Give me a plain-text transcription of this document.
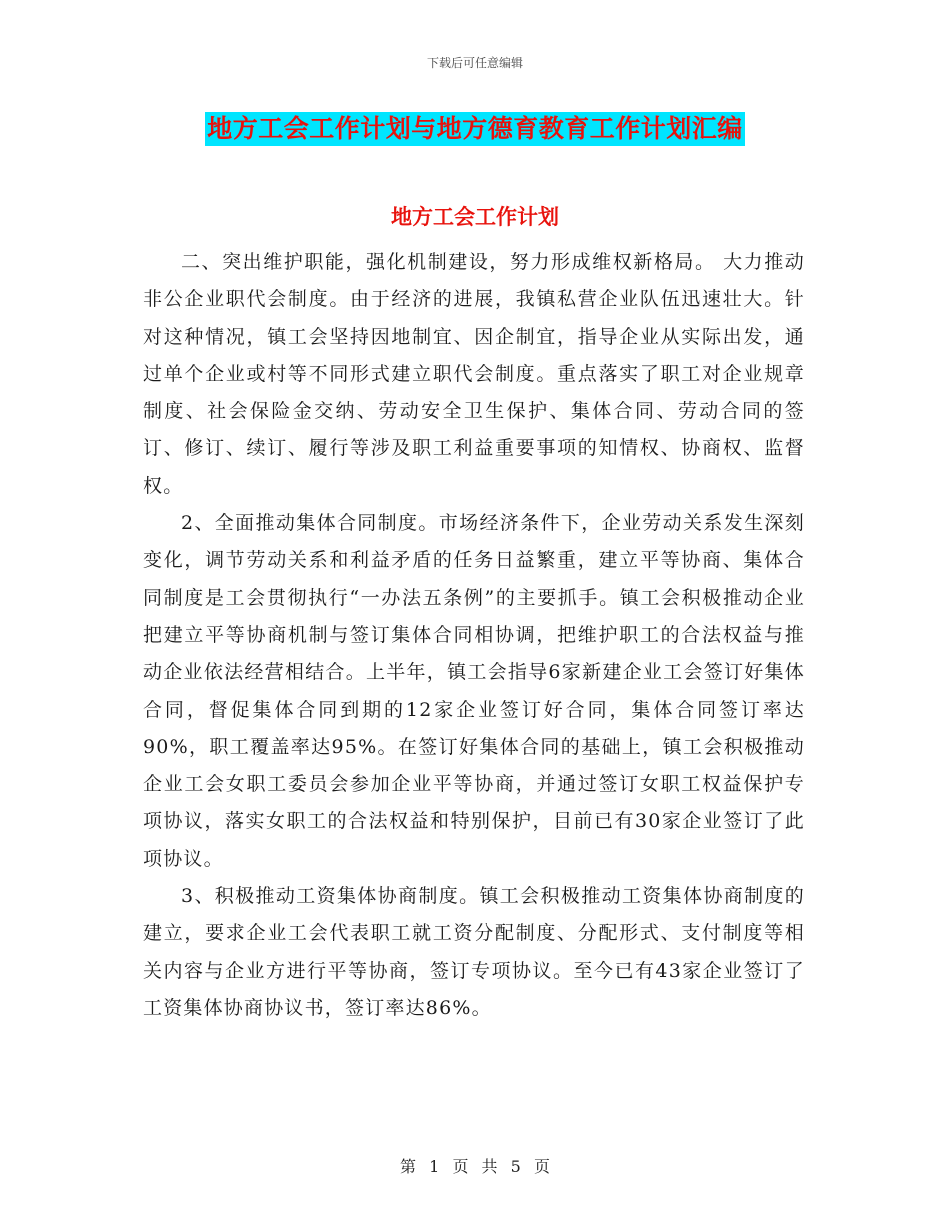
下载后可任意编辑
地方工会工作计划与地方德育教育工作计划汇编
地方工会工作计划

二、突出维护职能，强化机制建设，努力形成维权新格局。 大力推动非公企业职代会制度。由于经济的进展，我镇私营企业队伍迅速壮大。针对这种情况，镇工会坚持因地制宜、因企制宜，指导企业从实际出发，通过单个企业或村等不同形式建立职代会制度。重点落实了职工对企业规章制度、社会保险金交纳、劳动安全卫生保护、集体合同、劳动合同的签订、修订、续订、履行等涉及职工利益重要事项的知情权、协商权、监督权。

2、全面推动集体合同制度。市场经济条件下，企业劳动关系发生深刻变化，调节劳动关系和利益矛盾的任务日益繁重，建立平等协商、集体合同制度是工会贯彻执行“一办法五条例”的主要抓手。镇工会积极推动企业把建立平等协商机制与签订集体合同相协调，把维护职工的合法权益与推动企业依法经营相结合。上半年，镇工会指导6家新建企业工会签订好集体合同，督促集体合同到期的12家企业签订好合同，集体合同签订率达90%，职工覆盖率达95%。在签订好集体合同的基础上，镇工会积极推动企业工会女职工委员会参加企业平等协商，并通过签订女职工权益保护专项协议，落实女职工的合法权益和特别保护，目前已有30家企业签订了此项协议。

3、积极推动工资集体协商制度。镇工会积极推动工资集体协商制度的建立，要求企业工会代表职工就工资分配制度、分配形式、支付制度等相关内容与企业方进行平等协商，签订专项协议。至今已有43家企业签订了工资集体协商协议书，签订率达86%。

第 1 页 共 5 页
